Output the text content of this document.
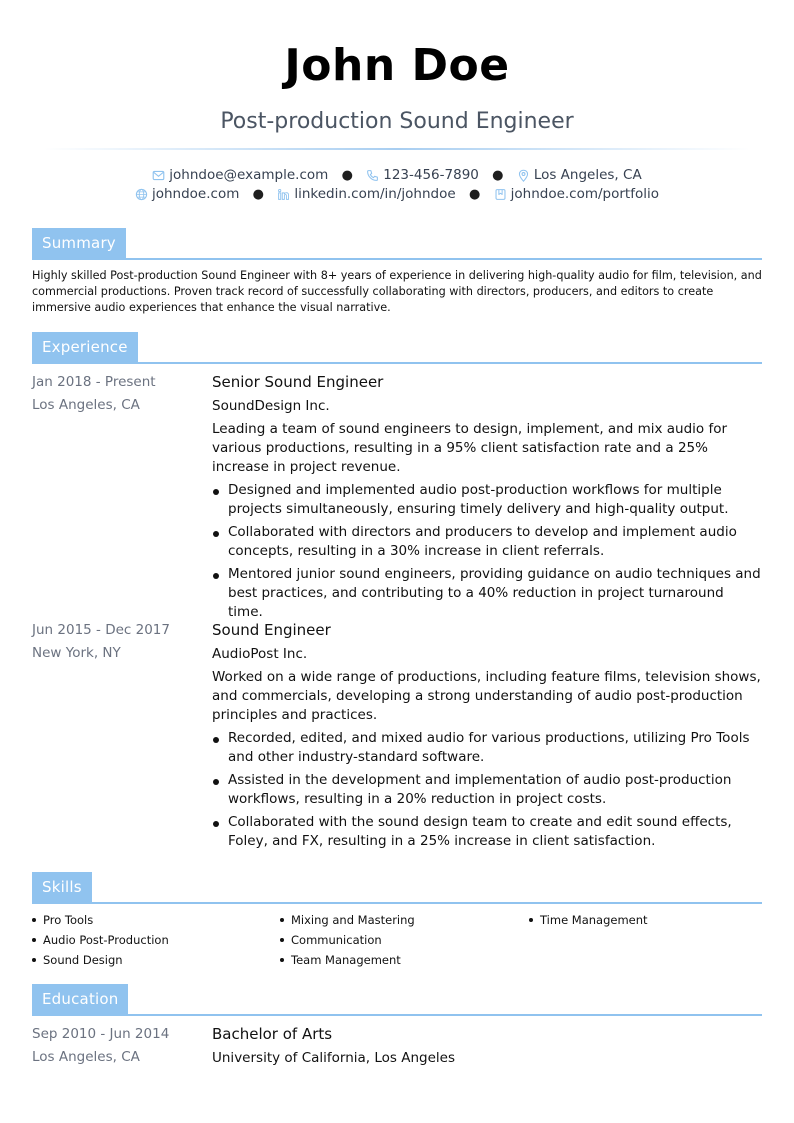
John Doe
Post-production Sound Engineer
johndoe@example.com ● 123-456-7890 ● Los Angeles, CA
johndoe.com ● linkedin.com/in/johndoe ● johndoe.com/portfolio
Summary
Highly skilled Post-production Sound Engineer with 8+ years of experience in delivering high-quality audio for film, television, and commercial productions. Proven track record of successfully collaborating with directors, producers, and editors to create immersive audio experiences that enhance the visual narrative.
Experience
Jan 2018 - Present
Los Angeles, CA
Senior Sound Engineer
SoundDesign Inc.
Leading a team of sound engineers to design, implement, and mix audio for various productions, resulting in a 95% client satisfaction rate and a 25% increase in project revenue.
Designed and implemented audio post-production workflows for multiple projects simultaneously, ensuring timely delivery and high-quality output.
Collaborated with directors and producers to develop and implement audio concepts, resulting in a 30% increase in client referrals.
Mentored junior sound engineers, providing guidance on audio techniques and best practices, and contributing to a 40% reduction in project turnaround time.
Jun 2015 - Dec 2017
New York, NY
Sound Engineer
AudioPost Inc.
Worked on a wide range of productions, including feature films, television shows, and commercials, developing a strong understanding of audio post-production principles and practices.
Recorded, edited, and mixed audio for various productions, utilizing Pro Tools and other industry-standard software.
Assisted in the development and implementation of audio post-production workflows, resulting in a 20% reduction in project costs.
Collaborated with the sound design team to create and edit sound effects, Foley, and FX, resulting in a 25% increase in client satisfaction.
Skills
Pro Tools
Audio Post-Production
Sound Design
Mixing and Mastering
Communication
Team Management
Time Management
Education
Sep 2010 - Jun 2014
Los Angeles, CA
Bachelor of Arts
University of California, Los Angeles
